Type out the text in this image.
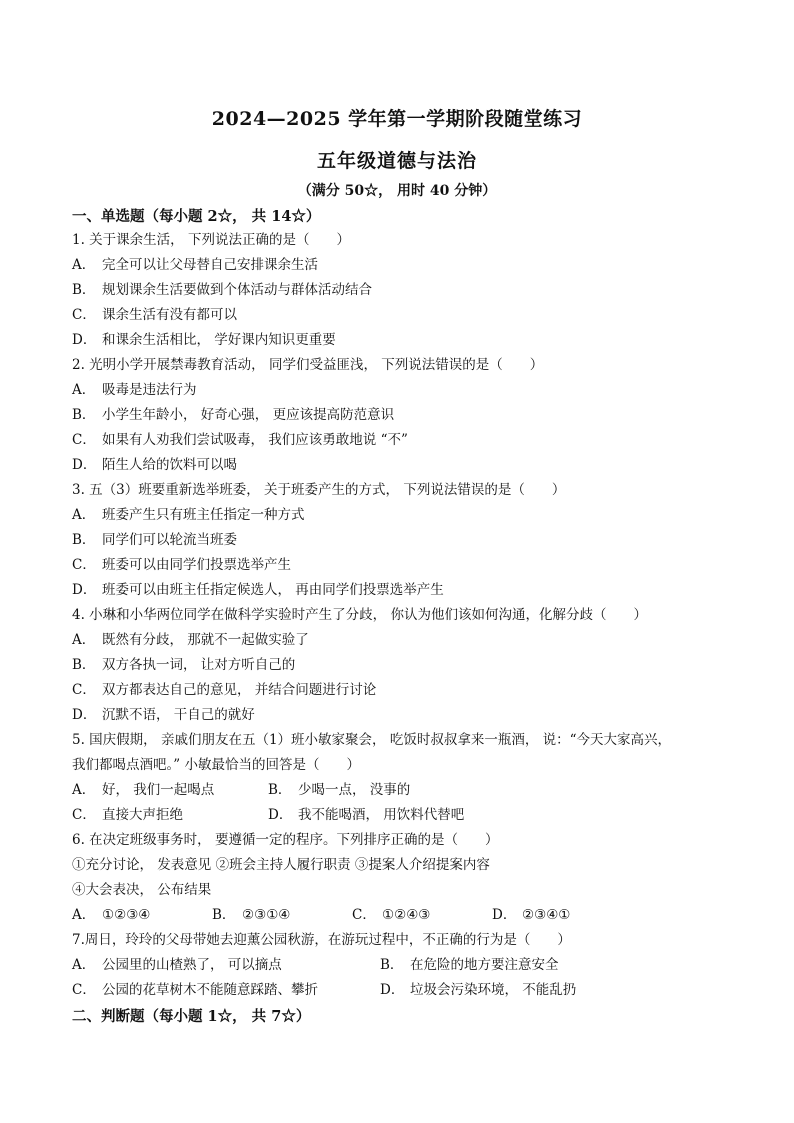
2024—2025 学年第一学期阶段随堂练习
五年级道德与法治
（满分 50☆， 用时 40 分钟）
一、单选题（每小题 2☆， 共 14☆）
1. 关于课余生活， 下列说法正确的是（　　）
A． 完全可以让父母替自己安排课余生活
B． 规划课余生活要做到个体活动与群体活动结合
C． 课余生活有没有都可以
D． 和课余生活相比， 学好课内知识更重要
2. 光明小学开展禁毒教育活动， 同学们受益匪浅， 下列说法错误的是（　　）
A． 吸毒是违法行为
B． 小学生年龄小， 好奇心强， 更应该提高防范意识
C． 如果有人劝我们尝试吸毒， 我们应该勇敢地说 “不”
D． 陌生人给的饮料可以喝
3. 五（3）班要重新选举班委， 关于班委产生的方式， 下列说法错误的是（　　）
A． 班委产生只有班主任指定一种方式
B． 同学们可以轮流当班委
C． 班委可以由同学们投票选举产生
D． 班委可以由班主任指定候选人， 再由同学们投票选举产生
4. 小琳和小华两位同学在做科学实验时产生了分歧， 你认为他们该如何沟通，化解分歧（　　）
A． 既然有分歧， 那就不一起做实验了
B． 双方各执一词， 让对方听自己的
C． 双方都表达自己的意见， 并结合问题进行讨论
D． 沉默不语， 干自己的就好
5. 国庆假期， 亲戚们朋友在五（1）班小敏家聚会， 吃饭时叔叔拿来一瓶酒， 说：“今天大家高兴，
我们都喝点酒吧。” 小敏最恰当的回答是（　　）
A． 好， 我们一起喝点	B． 少喝一点， 没事的
C． 直接大声拒绝	D． 我不能喝酒， 用饮料代替吧
6. 在决定班级事务时， 要遵循一定的程序。下列排序正确的是（　　）
①充分讨论， 发表意见 ②班会主持人履行职责 ③提案人介绍提案内容
④大会表决， 公布结果
A． ①②③④	B． ②③①④	C． ①②④③	D． ②③④①
7.周日，玲玲的父母带她去迎薰公园秋游，在游玩过程中，不正确的行为是（　　）
A． 公园里的山楂熟了， 可以摘点	B． 在危险的地方要注意安全
C． 公园的花草树木不能随意踩踏、攀折	D． 垃圾会污染环境， 不能乱扔
二、判断题（每小题 1☆， 共 7☆）
